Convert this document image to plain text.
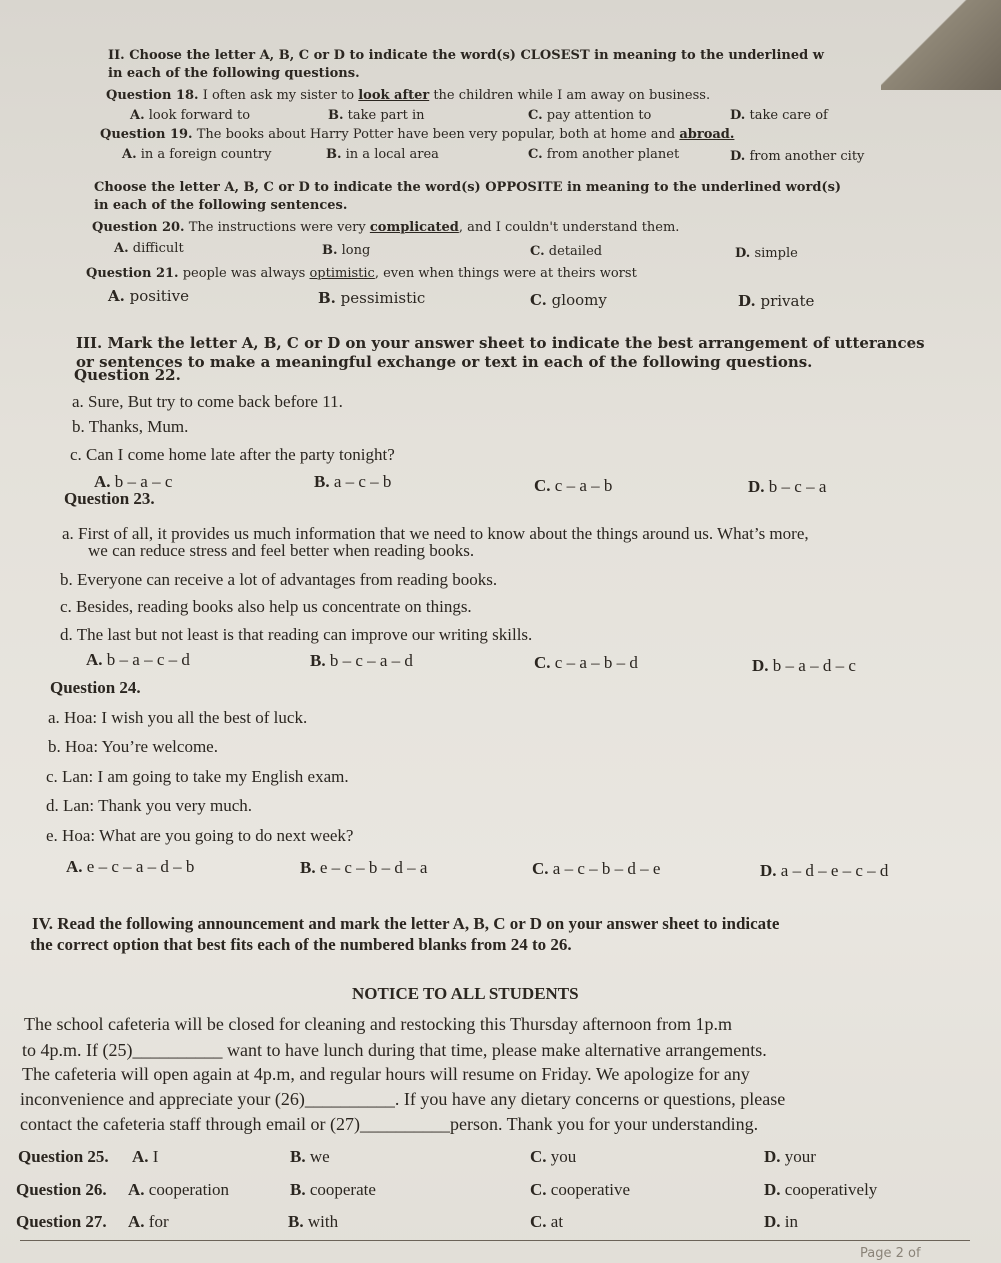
II. Choose the letter A, B, C or D to indicate the word(s) CLOSEST in meaning to the underlined w
in each of the following questions.
Question 18. I often ask my sister to look after the children while I am away on business.
A. look forward to	B. take part in	C. pay attention to	D. take care of
Question 19. The books about Harry Potter have been very popular, both at home and abroad.
A. in a foreign country	B. in a local area	C. from another planet	D. from another city
Choose the letter A, B, C or D to indicate the word(s) OPPOSITE in meaning to the underlined word(s)
in each of the following sentences.
Question 20. The instructions were very complicated, and I couldn't understand them.
A. difficult	B. long	C. detailed	D. simple
Question 21. people was always optimistic, even when things were at theirs worst
A. positive	B. pessimistic	C. gloomy	D. private
III. Mark the letter A, B, C or D on your answer sheet to indicate the best arrangement of utterances
or sentences to make a meaningful exchange or text in each of the following questions.
Question 22.
a. Sure, But try to come back before 11.
b. Thanks, Mum.
c. Can I come home late after the party tonight?
A. b – a – c	B. a – c – b	C. c – a – b	D. b – c – a
Question 23.
a. First of all, it provides us much information that we need to know about the things around us. What’s more,
we can reduce stress and feel better when reading books.
b. Everyone can receive a lot of advantages from reading books.
c. Besides, reading books also help us concentrate on things.
d. The last but not least is that reading can improve our writing skills.
A. b – a – c – d	B. b – c – a – d	C. c – a – b – d	D. b – a – d – c
Question 24.
a. Hoa: I wish you all the best of luck.
b. Hoa: You’re welcome.
c. Lan: I am going to take my English exam.
d. Lan: Thank you very much.
e. Hoa: What are you going to do next week?
A. e – c – a – d – b	B. e – c – b – d – a	C. a – c – b – d – e	D. a – d – e – c – d
IV. Read the following announcement and mark the letter A, B, C or D on your answer sheet to indicate
the correct option that best fits each of the numbered blanks from 24 to 26.
NOTICE TO ALL STUDENTS
The school cafeteria will be closed for cleaning and restocking this Thursday afternoon from 1p.m
to 4p.m. If (25)__________ want to have lunch during that time, please make alternative arrangements.
The cafeteria will open again at 4p.m, and regular hours will resume on Friday. We apologize for any
inconvenience and appreciate your (26)__________. If you have any dietary concerns or questions, please
contact the cafeteria staff through email or (27)__________person. Thank you for your understanding.
Question 25. A. I	B. we	C. you	D. your
Question 26. A. cooperation	B. cooperate	C. cooperative	D. cooperatively
Question 27. A. for	B. with	C. at	D. in
Page 2 of
